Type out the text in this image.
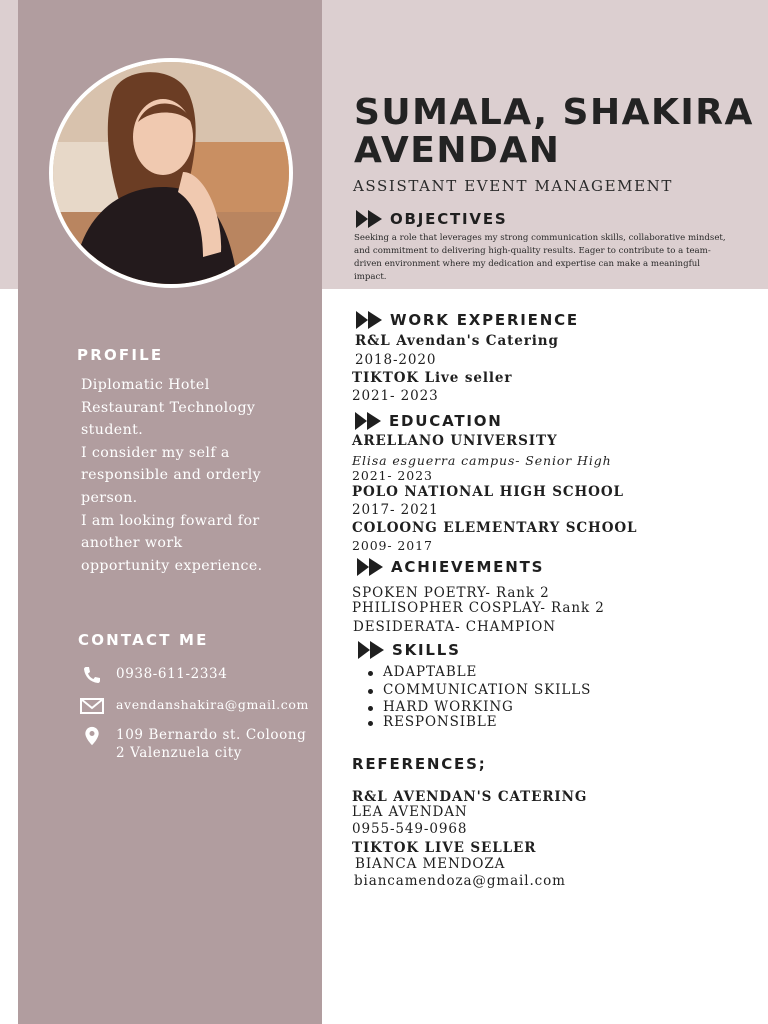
SUMALA, SHAKIRA AVENDAN
ASSISTANT EVENT MANAGEMENT
OBJECTIVES
Seeking a role that leverages my strong communication skills, collaborative mindset, and commitment to delivering high-quality results. Eager to contribute to a team-driven environment where my dedication and expertise can make a meaningful impact.
PROFILE
Diplomatic Hotel
Restaurant Technology
student.
I consider my self a
responsible and orderly
person.
I am looking foward for
another work
opportunity experience.
CONTACT ME
0938-611-2334
avendanshakira@gmail.com
109 Bernardo st. Coloong
2 Valenzuela city
WORK EXPERIENCE
R&L Avendan's Catering
2018-2020
TIKTOK Live seller
2021- 2023
EDUCATION
ARELLANO UNIVERSITY
Elisa esguerra campus- Senior High
2021- 2023
POLO NATIONAL HIGH SCHOOL
2017- 2021
COLOONG ELEMENTARY SCHOOL
2009- 2017
ACHIEVEMENTS
SPOKEN POETRY- Rank 2
PHILISOPHER COSPLAY- Rank 2
DESIDERATA- CHAMPION
SKILLS
ADAPTABLE
COMMUNICATION SKILLS
HARD WORKING
RESPONSIBLE
REFERENCES;
R&L AVENDAN'S CATERING
LEA AVENDAN
0955-549-0968
TIKTOK LIVE SELLER
BIANCA MENDOZA
biancamendoza@gmail.com
